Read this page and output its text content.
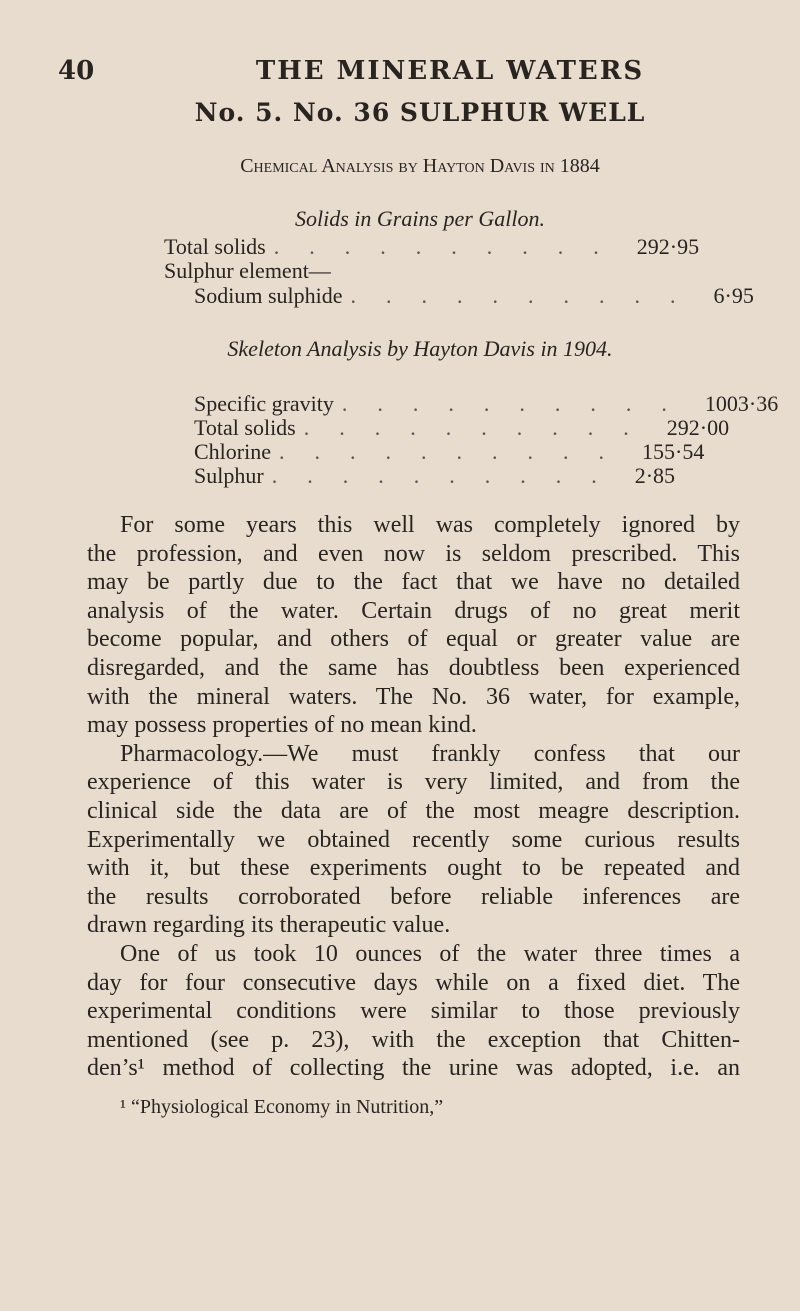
40	THE MINERAL WATERS
No. 5. No. 36 SULPHUR WELL
Chemical Analysis by Hayton Davis in 1884
Solids in Grains per Gallon.
Total solids .......... 292·95
Sulphur element—
Sodium sulphide .......... 6·95
Skeleton Analysis by Hayton Davis in 1904.
Specific gravity .......... 1003·36
Total solids .......... 292·00
Chlorine .......... 155·54
Sulphur .......... 2·85
For some years this well was completely ignored by
the profession, and even now is seldom prescribed. This
may be partly due to the fact that we have no detailed
analysis of the water. Certain drugs of no great merit
become popular, and others of equal or greater value are
disregarded, and the same has doubtless been experienced
with the mineral waters. The No. 36 water, for example,
may possess properties of no mean kind.
Pharmacology.—We must frankly confess that our
experience of this water is very limited, and from the
clinical side the data are of the most meagre description.
Experimentally we obtained recently some curious results
with it, but these experiments ought to be repeated and
the results corroborated before reliable inferences are
drawn regarding its therapeutic value.
One of us took 10 ounces of the water three times a
day for four consecutive days while on a fixed diet. The
experimental conditions were similar to those previously
mentioned (see p. 23), with the exception that Chitten-
den’s¹ method of collecting the urine was adopted, i.e. an
¹ “Physiological Economy in Nutrition,”
